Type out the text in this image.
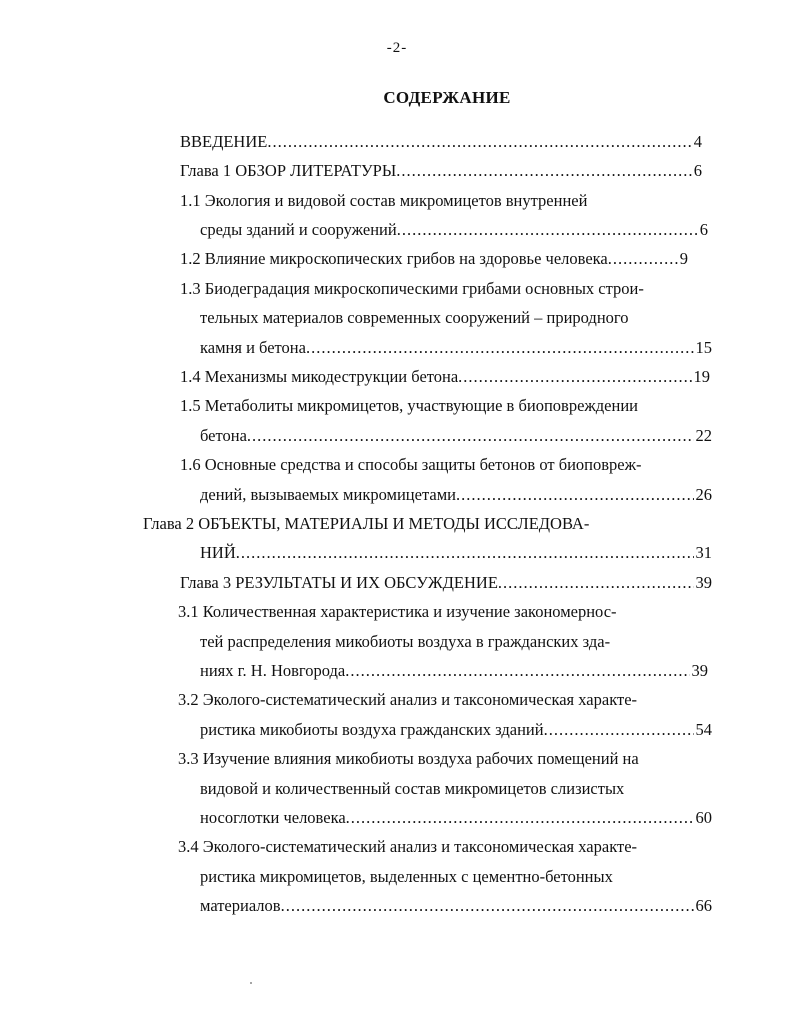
-2-
СОДЕРЖАНИЕ
ВВЕДЕНИЕ .....	4
Глава 1 ОБЗОР ЛИТЕРАТУРЫ .....	6
1.1 Экология и видовой состав микромицетов внутренней
среды зданий и сооружений .....	6
1.2 Влияние микроскопических грибов на здоровье человека .....	9
1.3 Биодеградация микроскопическими грибами основных строи-
тельных материалов современных сооружений – природного
камня и бетона .....	15
1.4 Механизмы микодеструкции бетона .....	19
1.5 Метаболиты микромицетов, участвующие в биоповреждении
бетона .....	22
1.6 Основные средства и способы защиты бетонов от биоповреж-
дений, вызываемых микромицетами .....	26
Глава 2 ОБЪЕКТЫ, МАТЕРИАЛЫ И МЕТОДЫ ИССЛЕДОВА-
НИЙ .....	31
Глава 3 РЕЗУЛЬТАТЫ И ИХ ОБСУЖДЕНИЕ .....	39
3.1 Количественная характеристика и изучение закономернос-
тей распределения микобиоты воздуха в гражданских зда-
ниях г. Н. Новгорода .....	39
3.2 Эколого-систематический анализ и таксономическая характе-
ристика микобиоты воздуха гражданских зданий .....	54
3.3 Изучение влияния микобиоты воздуха рабочих помещений на
видовой и количественный состав микромицетов слизистых
носоглотки человека .....	60
3.4 Эколого-систематический анализ и таксономическая характе-
ристика микромицетов, выделенных с цементно-бетонных
материалов .....	66
